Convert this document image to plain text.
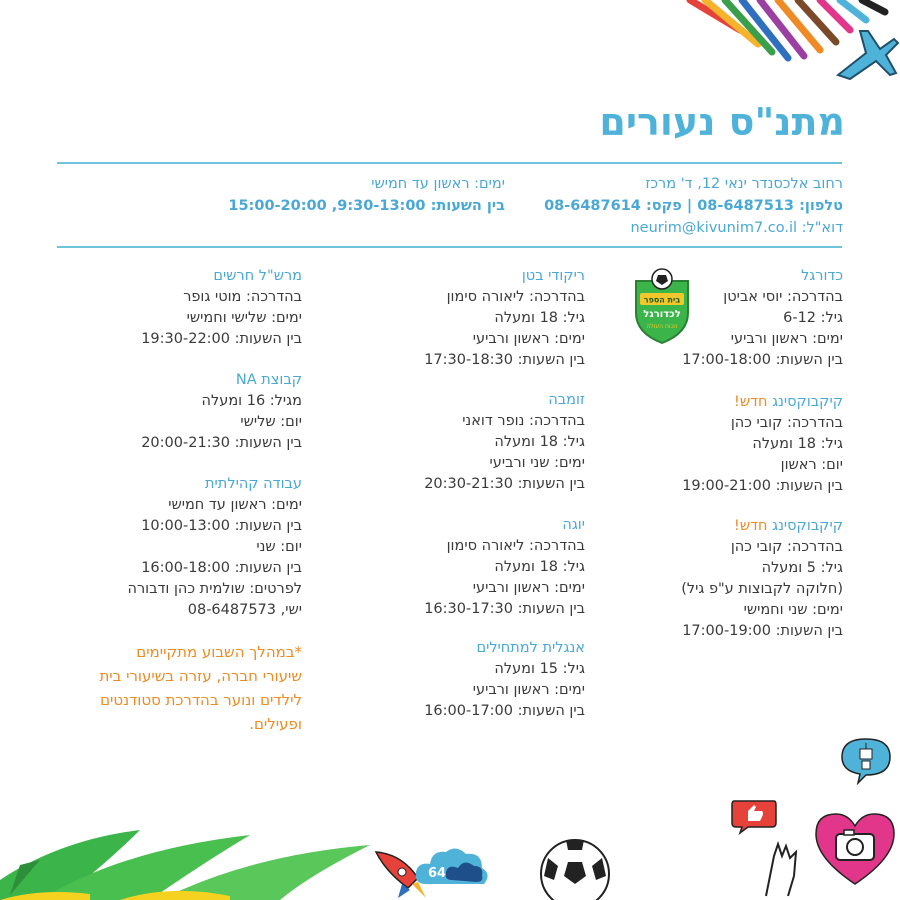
מתנ"ס נעורים
רחוב אלכסנדר ינאי 12, ד' מרכז
טלפון: 08-6487513 | פקס: 08-6487614
דוא"ל: neurim@kivunim7.co.il
ימים: ראשון עד חמישי
בין השעות: 9:30-13:00, 15:00-20:00
כדורגל
בהדרכה: יוסי אביטן
גיל: 6-12
ימים: ראשון ורביעי
בין השעות: 17:00-18:00
קיקבוקסינג חדש!
בהדרכה: קובי כהן
גיל: 18 ומעלה
יום: ראשון
בין השעות: 19:00-21:00
קיקבוקסינג חדש!
בהדרכה: קובי כהן
גיל: 5 ומעלה
(חלוקה לקבוצות ע"פ גיל)
ימים: שני וחמישי
בין השעות: 17:00-19:00
בית הספר
לכדורגל
הכוח העולה
ריקודי בטן
בהדרכה: ליאורה סימון
גיל: 18 ומעלה
ימים: ראשון ורביעי
בין השעות: 17:30-18:30
זומבה
בהדרכה: נופר דואני
גיל: 18 ומעלה
ימים: שני ורביעי
בין השעות: 20:30-21:30
יוגה
בהדרכה: ליאורה סימון
גיל: 18 ומעלה
ימים: ראשון ורביעי
בין השעות: 16:30-17:30
אנגלית למתחילים
גיל: 15 ומעלה
ימים: ראשון ורביעי
בין השעות: 16:00-17:00
מרש"ל חרשים
בהדרכה: מוטי גופר
ימים: שלישי וחמישי
בין השעות: 19:30-22:00
קבוצת NA
מגיל: 16 ומעלה
יום: שלישי
בין השעות: 20:00-21:30
עבודה קהילתית
ימים: ראשון עד חמישי
בין השעות: 10:00-13:00
יום: שני
בין השעות: 16:00-18:00
לפרטים: שולמית כהן ודבורה
ישי, 08-6487573
*במהלך השבוע מתקיימים
שיעורי חברה, עזרה בשיעורי בית
לילדים ונוער בהדרכת סטודנטים
ופעילים.
64
